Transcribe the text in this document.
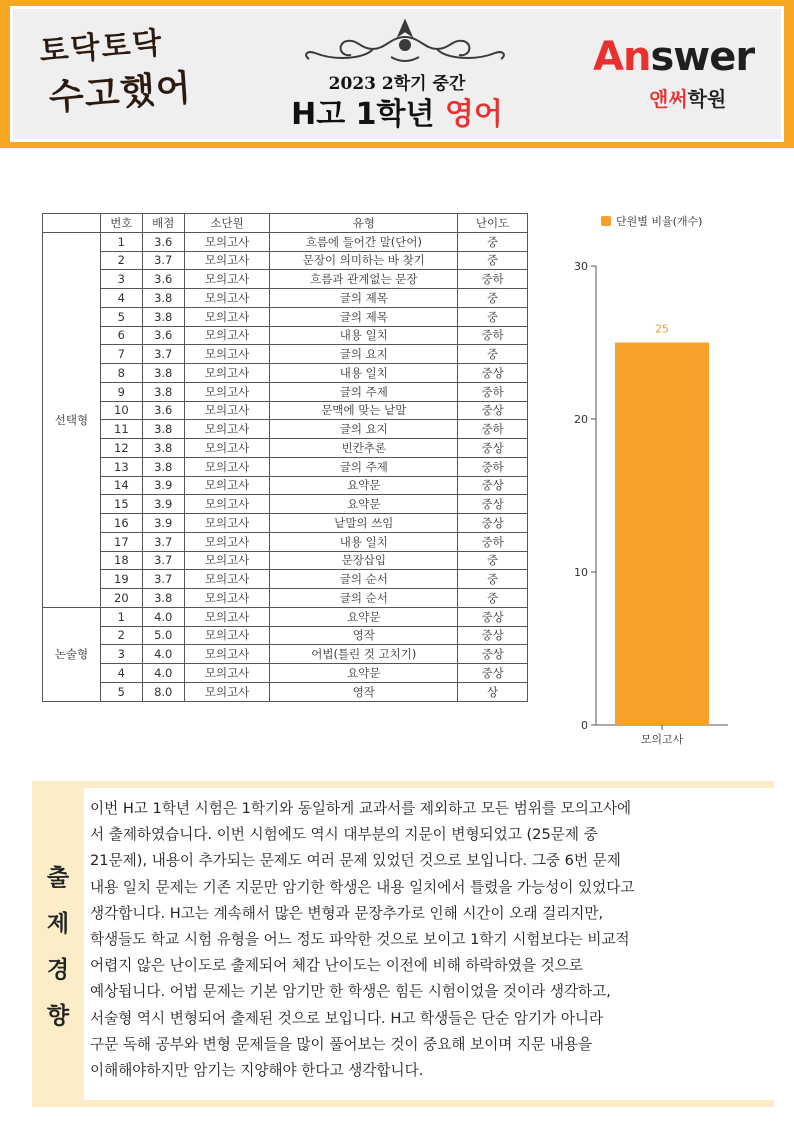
토닥토닥
수고했어	2023 2학기 중간
H고 1학년 영어
Answer
앤써학원
	번호	배점	소단원	유형	난이도
선택형	1	3.6	모의고사	흐름에 들어간 말(단어)	중
	2	3.7	모의고사	문장이 의미하는 바 찾기	중
	3	3.6	모의고사	흐름과 관계없는 문장	중하
	4	3.8	모의고사	글의 제목	중
	5	3.8	모의고사	글의 제목	중
	6	3.6	모의고사	내용 일치	중하
	7	3.7	모의고사	글의 요지	중
	8	3.8	모의고사	내용 일치	중상
	9	3.8	모의고사	글의 주제	중하
	10	3.6	모의고사	문맥에 맞는 낱말	중상
	11	3.8	모의고사	글의 요지	중하
	12	3.8	모의고사	빈칸추론	중상
	13	3.8	모의고사	글의 주제	중하
	14	3.9	모의고사	요약문	중상
	15	3.9	모의고사	요약문	중상
	16	3.9	모의고사	낱말의 쓰임	중상
	17	3.7	모의고사	내용 일치	중하
	18	3.7	모의고사	문장삽입	중
	19	3.7	모의고사	글의 순서	중
	20	3.8	모의고사	글의 순서	중
논술형	1	4.0	모의고사	요약문	중상
	2	5.0	모의고사	영작	중상
	3	4.0	모의고사	어법(틀린 것 고치기)	중상
	4	4.0	모의고사	요약문	중상
	5	8.0	모의고사	영작	상
단원별 비율(개수)
0
10
20
30
25
모의고사
출
제
경
향
이번 H고 1학년 시험은 1학기와 동일하게 교과서를 제외하고 모든 범위를 모의고사에
서 출제하였습니다. 이번 시험에도 역시 대부분의 지문이 변형되었고 (25문제 중
21문제), 내용이 추가되는 문제도 여러 문제 있었던 것으로 보입니다. 그중 6번 문제
내용 일치 문제는 기존 지문만 암기한 학생은 내용 일치에서 틀렸을 가능성이 있었다고
생각합니다. H고는 계속해서 많은 변형과 문장추가로 인해 시간이 오래 걸리지만,
학생들도 학교 시험 유형을 어느 정도 파악한 것으로 보이고 1학기 시험보다는 비교적
어렵지 않은 난이도로 출제되어 체감 난이도는 이전에 비해 하락하였을 것으로
예상됩니다. 어법 문제는 기본 암기만 한 학생은 힘든 시험이었을 것이라 생각하고,
서술형 역시 변형되어 출제된 것으로 보입니다. H고 학생들은 단순 암기가 아니라
구문 독해 공부와 변형 문제들을 많이 풀어보는 것이 중요해 보이며 지문 내용을
이해해야하지만 암기는 지양해야 한다고 생각합니다.
